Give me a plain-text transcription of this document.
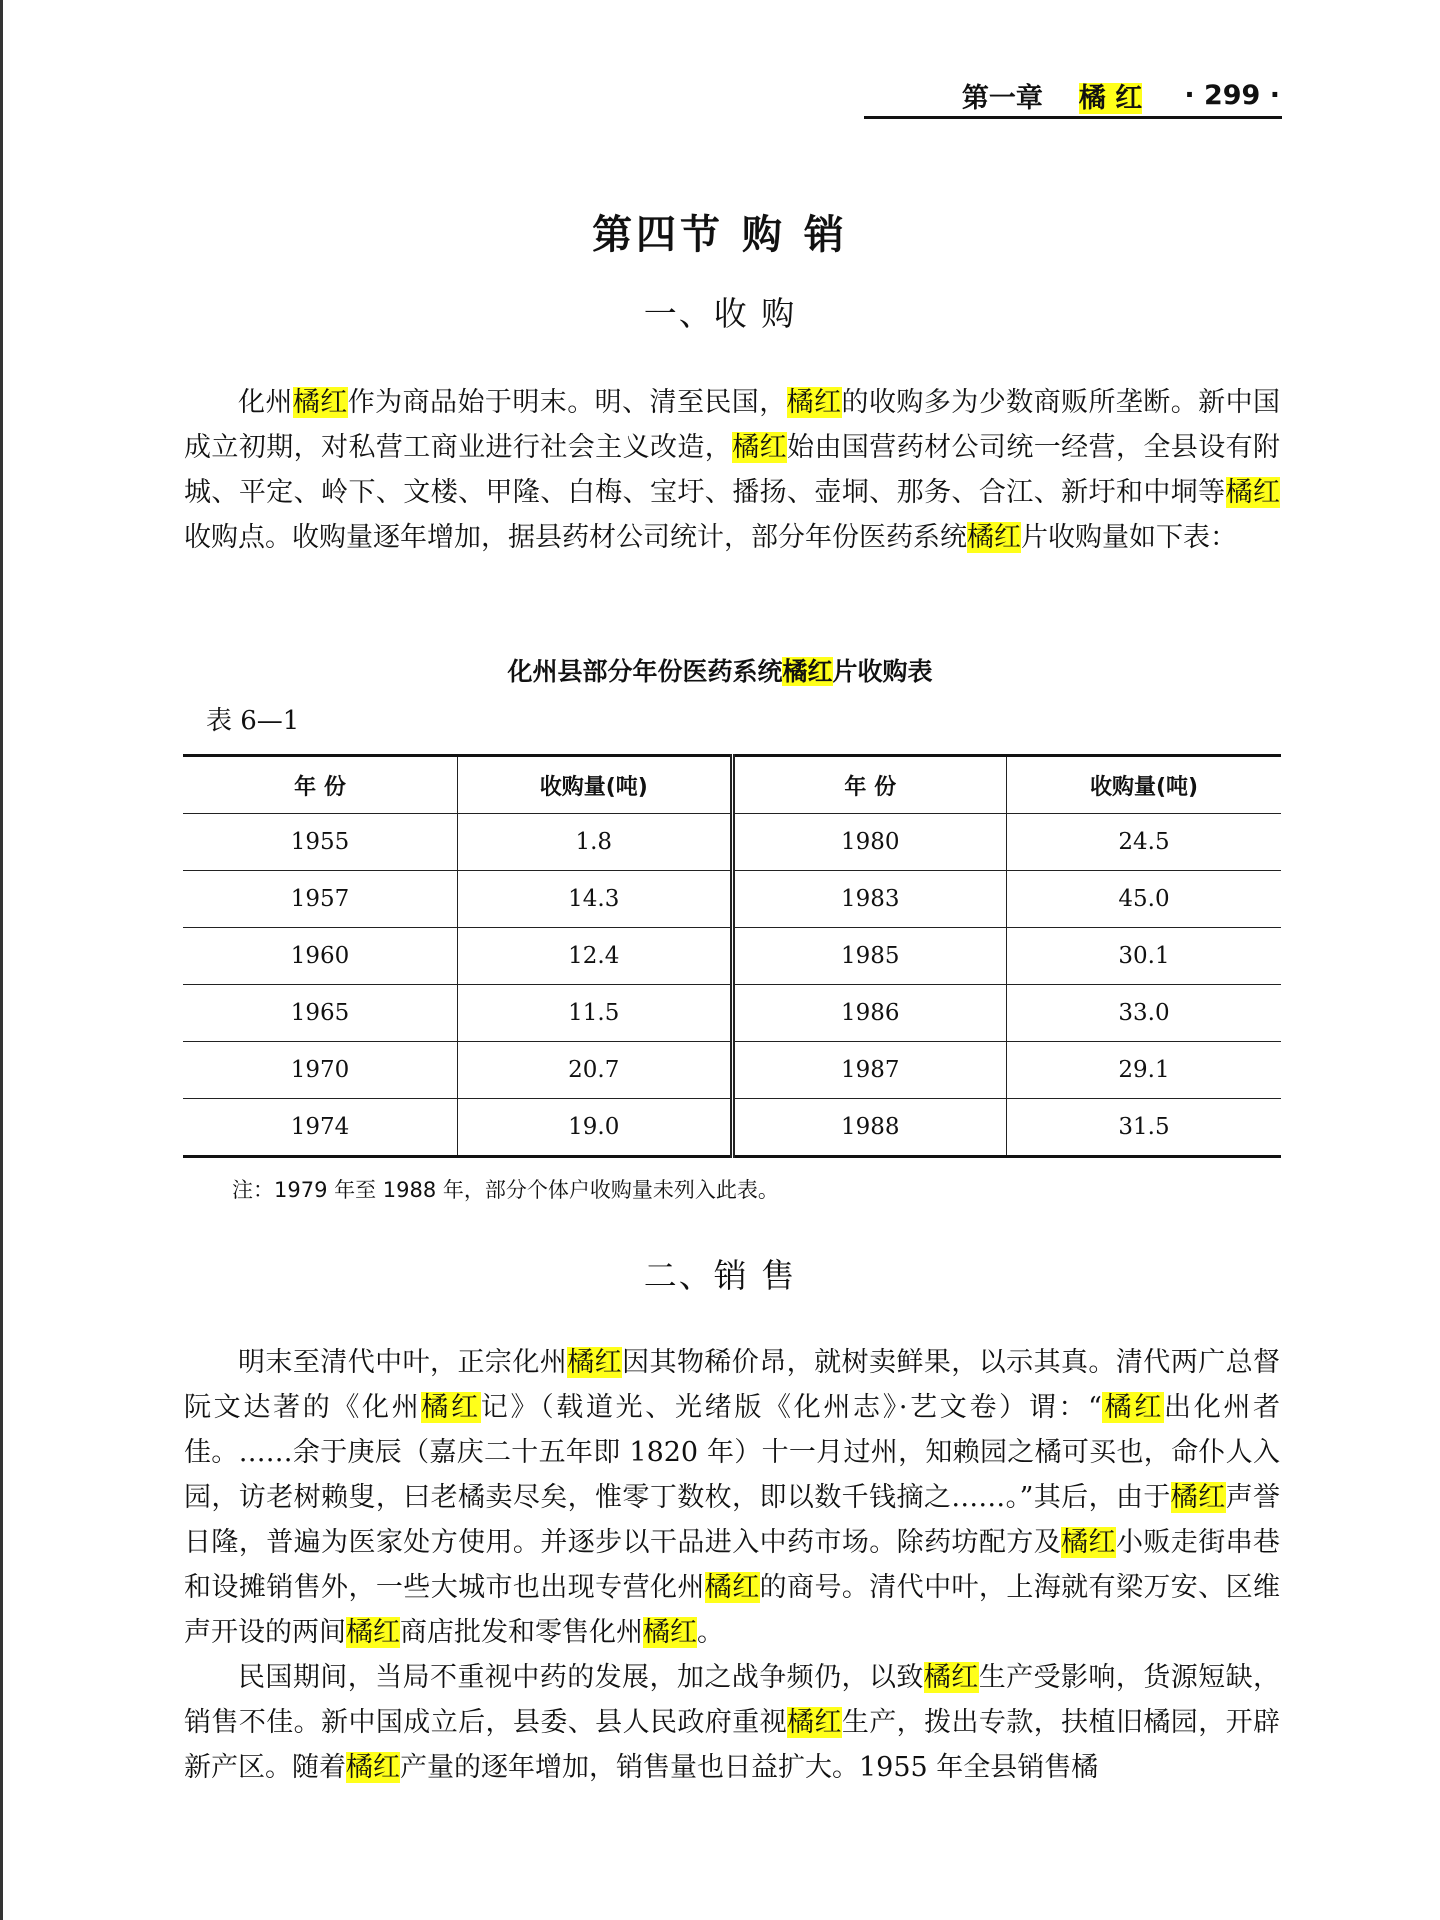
第一章 橘 红 · 299 ·
第四节 购 销
一、收 购

化州橘红作为商品始于明末。明、清至民国，橘红的收购多为少数商贩所垄断。新中国成立初期，对私营工商业进行社会主义改造，橘红始由国营药材公司统一经营，全县设有附城、平定、岭下、文楼、甲隆、白梅、宝圩、播扬、壶垌、那务、合江、新圩和中垌等橘红收购点。收购量逐年增加，据县药材公司统计，部分年份医药系统橘红片收购量如下表：

化州县部分年份医药系统橘红片收购表
表 6—1
年 份	收购量(吨)	年 份	收购量(吨)
1955	1.8	1980	24.5
1957	14.3	1983	45.0
1960	12.4	1985	30.1
1965	11.5	1986	33.0
1970	20.7	1987	29.1
1974	19.0	1988	31.5
注：1979 年至 1988 年，部分个体户收购量未列入此表。
二、销 售

明末至清代中叶，正宗化州橘红因其物稀价昂，就树卖鲜果，以示其真。清代两广总督阮文达著的《化州橘红记》（载道光、光绪版《化州志》·艺文卷）谓：“橘红出化州者佳。……余于庚辰（嘉庆二十五年即 1820 年）十一月过州，知赖园之橘可买也，命仆人入园，访老树赖叟，曰老橘卖尽矣，惟零丁数枚，即以数千钱摘之……。”其后，由于橘红声誉日隆，普遍为医家处方使用。并逐步以干品进入中药市场。除药坊配方及橘红小贩走街串巷和设摊销售外，一些大城市也出现专营化州橘红的商号。清代中叶，上海就有梁万安、区维声开设的两间橘红商店批发和零售化州橘红。

民国期间，当局不重视中药的发展，加之战争频仍，以致橘红生产受影响，货源短缺，销售不佳。新中国成立后，县委、县人民政府重视橘红生产，拨出专款，扶植旧橘园，开辟新产区。随着橘红产量的逐年增加，销售量也日益扩大。1955 年全县销售橘
